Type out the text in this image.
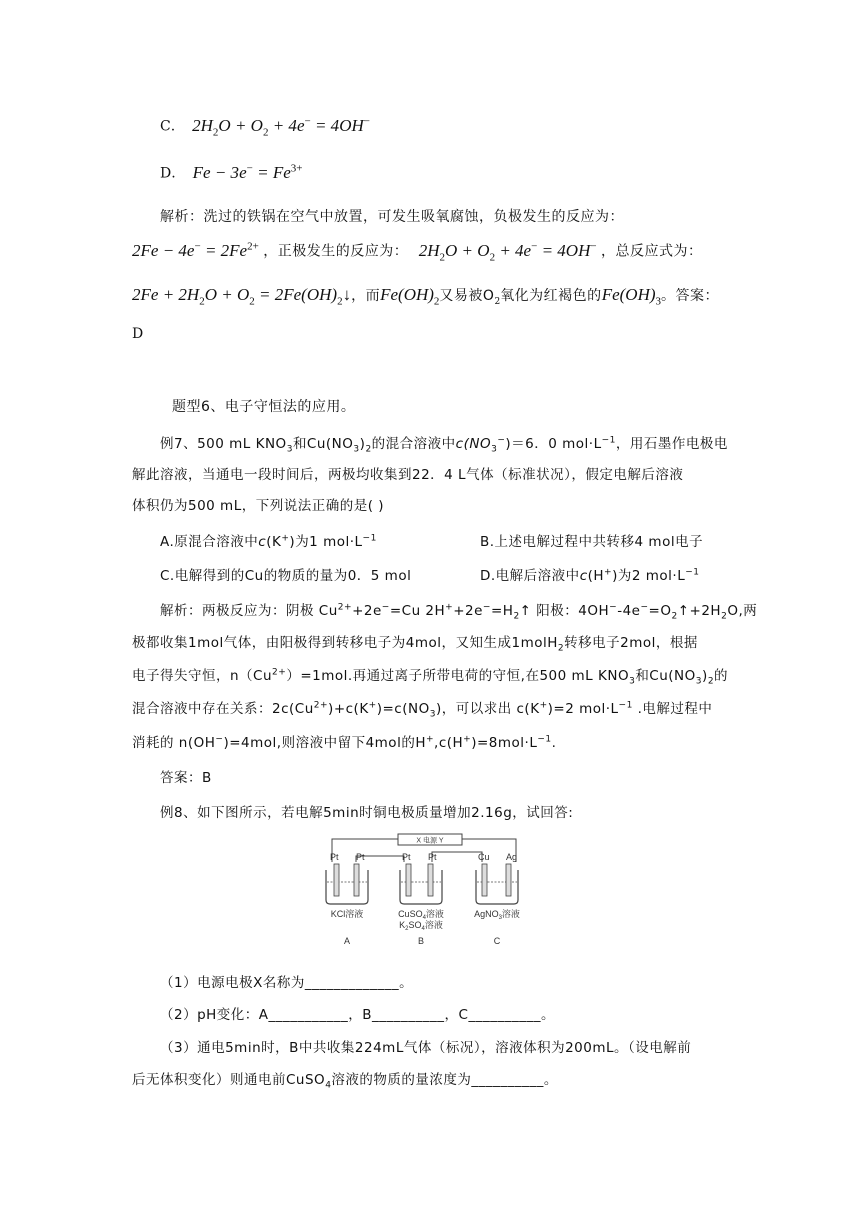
C. $2H_2O + O_2 + 4e^- = 4OH^-$
D. $Fe - 3e^- = Fe^{3+}$
解析：洗过的铁锅在空气中放置，可发生吸氧腐蚀，负极发生的反应为：
$2Fe - 4e^- = 2Fe^{2+}$ ，正极发生的反应为： $2H_2O + O_2 + 4e^- = 4OH^-$ ，总反应式为：
$2Fe + 2H_2O + O_2$ = $2Fe(OH)_2↓$，而$Fe(OH)_2$又易被$O_2$氧化为红褐色的$Fe(OH)_3$。答案：
D
题型6、电子守恒法的应用。
例7、500 mL $KNO_3$和$Cu(NO_3)_2$的混合溶液中$c(NO_3^-)=6$．0 $mol\cdot L^{-1}$，用石墨作电极电
解此溶液，当通电一段时间后，两极均收集到22．4 L气体（标准状况），假定电解后溶液
体积仍为500 mL，下列说法正确的是( )
A.原混合溶液中c(K+)为1 $mol\cdot L^{-1}$	B.上述电解过程中共转移4 mol电子
C.电解得到的Cu的物质的量为0．5 mol	D.电解后溶液中c(H+)为2 $mol\cdot L^{-1}$
解析：两极反应为：阴极 $Cu^{2+}+2e^-=Cu$ $2H^++2e^-=H_2↑$ 阳极：$4OH^--4e^-=O_2↑+2H_2O$,两
极都收集1mol气体，由阳极得到转移电子为4mol，又知生成1molH$_2$转移电子2mol，根据
电子得失守恒，$n(Cu^{2+})=1mol$.再通过离子所带电荷的守恒,在500 mL $KNO_3$和$Cu(NO_3)_2$的
混合溶液中存在关系：$2c(Cu^{2+})+c(K^+)=c(NO_3)$，可以求出 c(K+)=2 $mol\cdot L^{-1}$ .电解过程中
消耗的 n(OH−)=4mol,则溶液中留下4mol的$H^+,c(H^+)=8mol\cdot L^{-1}$.
答案：B
例8、如下图所示，若电解5min时铜电极质量增加2.16g，试回答:
X 电源 Y
Pt Pt	Pt Pt	Cu Ag
KCl溶液	CuSO$_4$溶液
$K_2SO_4$溶液
AgNO$_3$溶液
A	B	C
（1）电源电极X名称为_____________。
（2）pH变化：A___________，B__________，C__________。
（3）通电5min时，B中共收集224mL气体（标况），溶液体积为200mL。（设电解前
后无体积变化）则通电前CuSO$_4$溶液的物质的量浓度为__________。
